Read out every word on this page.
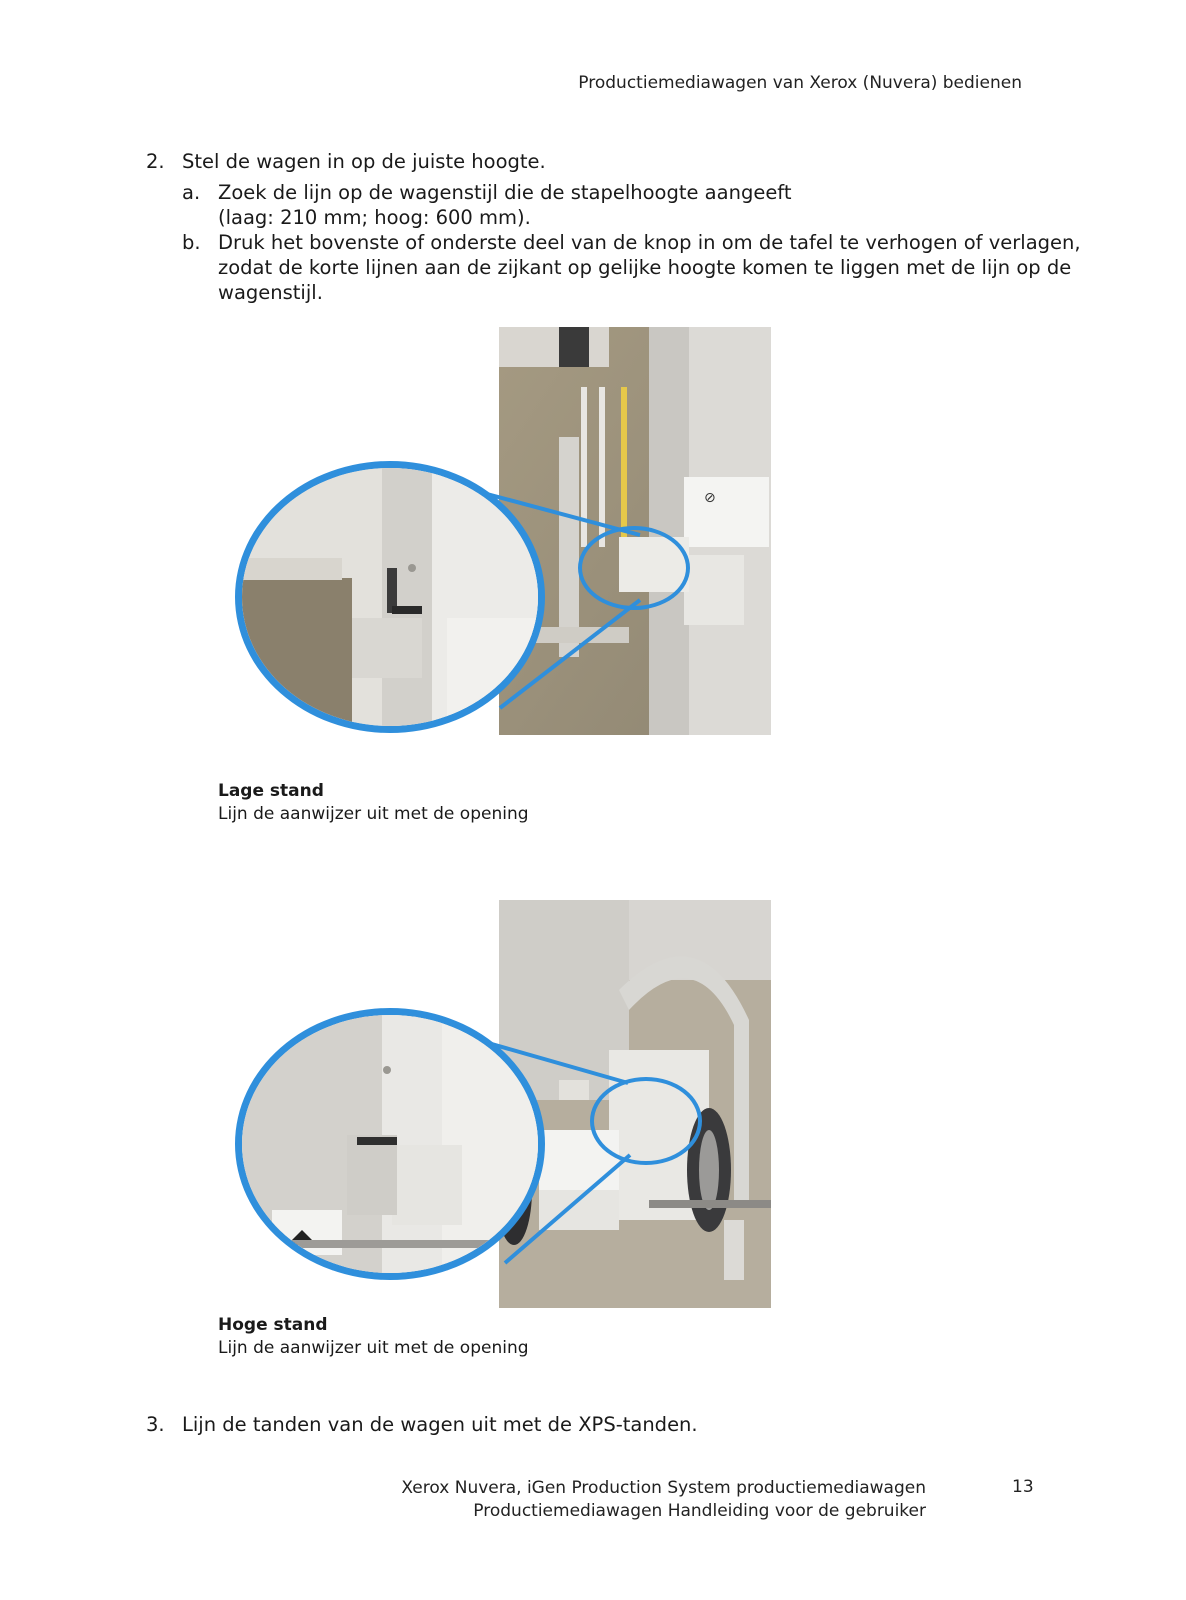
Productiemediawagen van Xerox (Nuvera) bedienen
2. Stel de wagen in op de juiste hoogte.
a. Zoek de lijn op de wagenstijl die de stapelhoogte aangeeft
(laag: 210 mm; hoog: 600 mm).
b. Druk het bovenste of onderste deel van de knop in om de tafel te verhogen of verlagen,
zodat de korte lijnen aan de zijkant op gelijke hoogte komen te liggen met de lijn op de
wagenstijl.
⊘
Lage stand
Lijn de aanwijzer uit met de opening
Hoge stand
Lijn de aanwijzer uit met de opening
3. Lijn de tanden van de wagen uit met de XPS-tanden.
Xerox Nuvera, iGen Production System productiemediawagen
Productiemediawagen Handleiding voor de gebruiker
13
